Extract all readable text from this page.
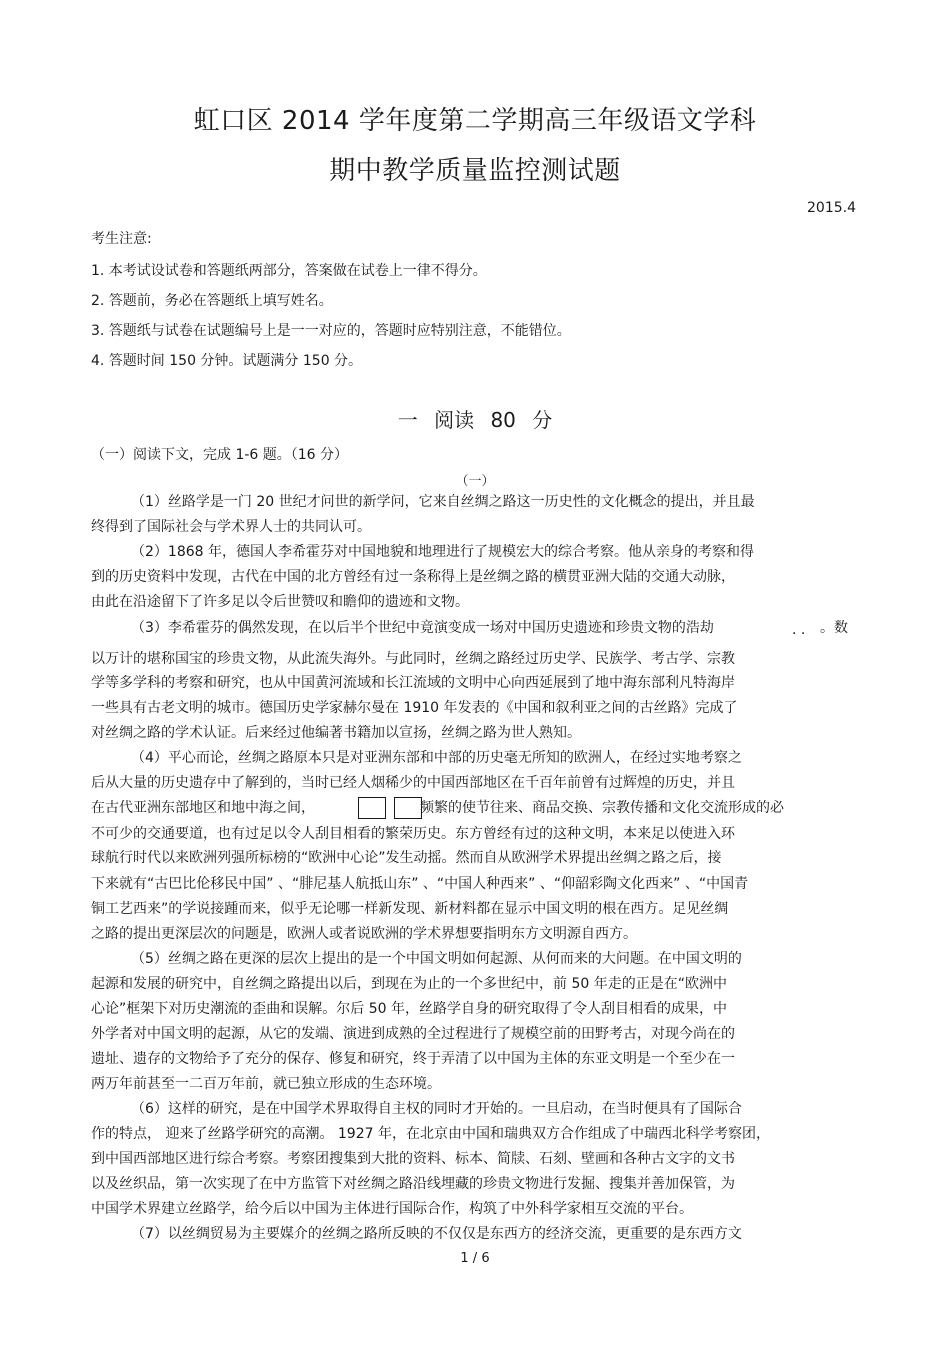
虹口区 2014 学年度第二学期高三年级语文学科
期中教学质量监控测试题
2015.4
考生注意:
1. 本考试设试卷和答题纸两部分，答案做在试卷上一律不得分。
2. 答题前，务必在答题纸上填写姓名。
3. 答题纸与试卷在试题编号上是一一对应的，答题时应特别注意，不能错位。
4. 答题时间 150 分钟。试题满分 150 分。
一 阅读 80 分
（一）阅读下文，完成 1-6 题。（16 分）
（一）
（1）丝路学是一门 20 世纪才问世的新学问，它来自丝绸之路这一历史性的文化概念的提出，并且最
终得到了国际社会与学术界人士的共同认可。
（2）1868 年，德国人李希霍芬对中国地貌和地理进行了规模宏大的综合考察。他从亲身的考察和得
到的历史资料中发现，古代在中国的北方曾经有过一条称得上是丝绸之路的横贯亚洲大陆的交通大动脉，
由此在沿途留下了许多足以令后世赞叹和瞻仰的遗迹和文物。
（3）李希霍芬的偶然发现，在以后半个世纪中竟演变成一场对中国历史遗迹和珍贵文物的浩劫	. . 。数
以万计的堪称国宝的珍贵文物，从此流失海外。与此同时，丝绸之路经过历史学、民族学、考古学、宗教
学等多学科的考察和研究，也从中国黄河流域和长江流域的文明中心向西延展到了地中海东部利凡特海岸
一些具有古老文明的城市。德国历史学家赫尔曼在 1910 年发表的《中国和叙利亚之间的古丝路》完成了
对丝绸之路的学术认证。后来经过他编著书籍加以宣扬，丝绸之路为世人熟知。
（4）平心而论，丝绸之路原本只是对亚洲东部和中部的历史毫无所知的欧洲人，在经过实地考察之
后从大量的历史遗存中了解到的，当时已经人烟稀少的中国西部地区在千百年前曾有过辉煌的历史，并且
在古代亚洲东部地区和地中海之间，	频繁的使节往来、商品交换、宗教传播和文化交流形成的必
不可少的交通要道，也有过足以令人刮目相看的繁荣历史。东方曾经有过的这种文明，本来足以使进入环
球航行时代以来欧洲列强所标榜的“欧洲中心论”发生动摇。然而自从欧洲学术界提出丝绸之路之后，接
下来就有“古巴比伦移民中国” 、“腓尼基人航抵山东” 、“中国人种西来” 、“仰韶彩陶文化西来” 、“中国青
铜工艺西来”的学说接踵而来，似乎无论哪一样新发现、新材料都在显示中国文明的根在西方。足见丝绸
之路的提出更深层次的问题是，欧洲人或者说欧洲的学术界想要指明东方文明源自西方。
（5）丝绸之路在更深的层次上提出的是一个中国文明如何起源、从何而来的大问题。在中国文明的
起源和发展的研究中，自丝绸之路提出以后，到现在为止的一个多世纪中，前 50 年走的正是在“欧洲中
心论”框架下对历史潮流的歪曲和误解。尔后 50 年，丝路学自身的研究取得了令人刮目相看的成果，中
外学者对中国文明的起源，从它的发端、演进到成熟的全过程进行了规模空前的田野考古，对现今尚在的
遗址、遗存的文物给予了充分的保存、修复和研究，终于弄清了以中国为主体的东亚文明是一个至少在一
两万年前甚至一二百万年前，就已独立形成的生态环境。
（6）这样的研究，是在中国学术界取得自主权的同时才开始的。一旦启动，在当时便具有了国际合
作的特点， 迎来了丝路学研究的高潮。 1927 年，在北京由中国和瑞典双方合作组成了中瑞西北科学考察团，
到中国西部地区进行综合考察。考察团搜集到大批的资料、标本、简牍、石刻、壁画和各种古文字的文书
以及丝织品，第一次实现了在中方监管下对丝绸之路沿线埋藏的珍贵文物进行发掘、搜集并善加保管，为
中国学术界建立丝路学，给今后以中国为主体进行国际合作，构筑了中外科学家相互交流的平台。
（7）以丝绸贸易为主要媒介的丝绸之路所反映的不仅仅是东西方的经济交流，更重要的是东西方文
1 / 6
